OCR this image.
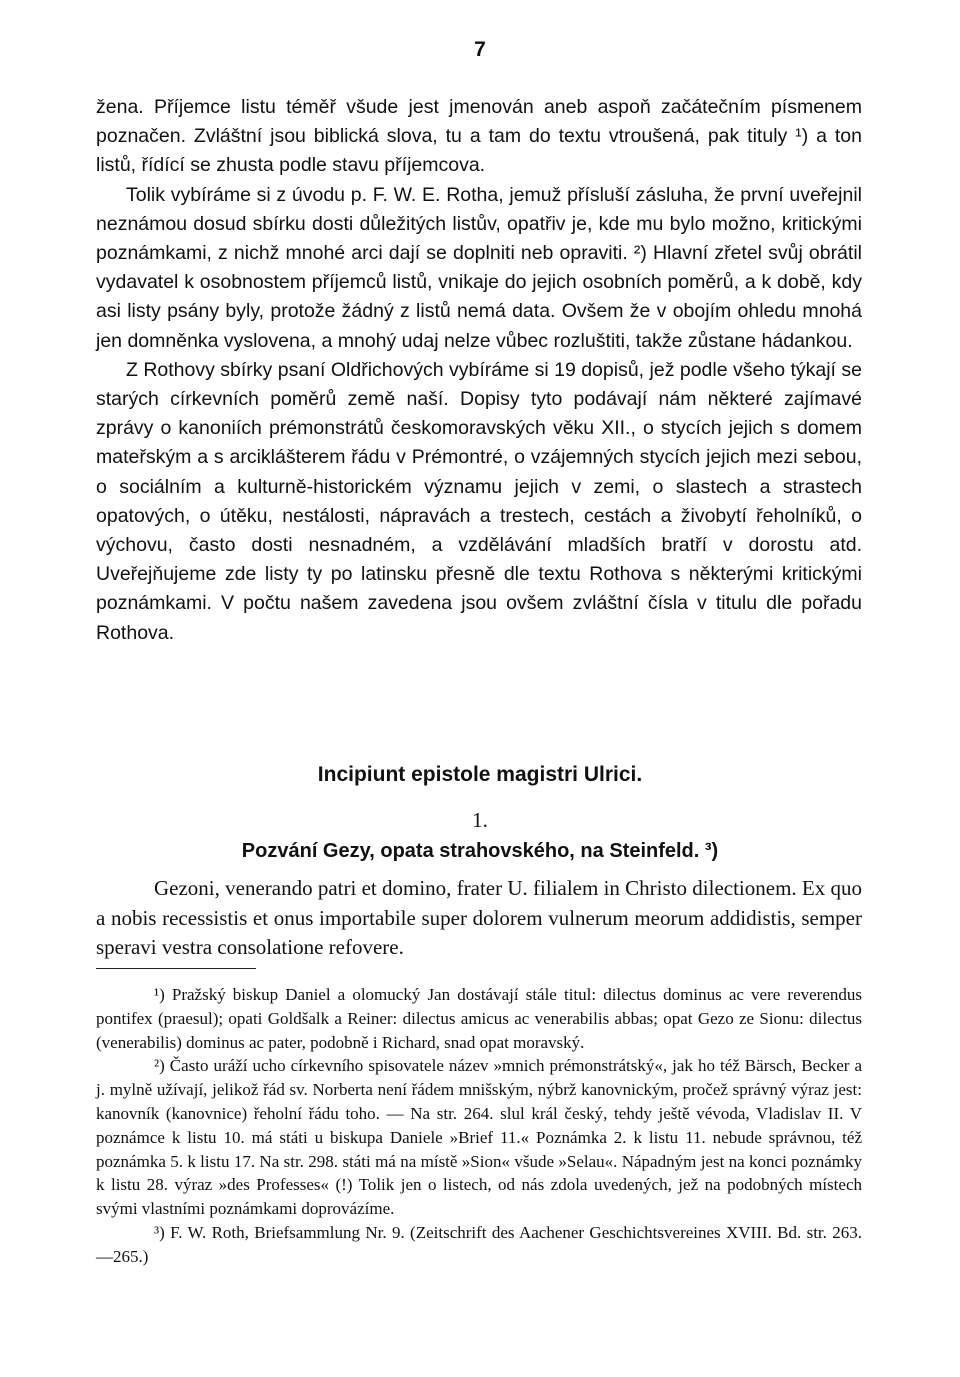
7

žena. Příjemce listu téměř všude jest jmenován aneb aspoň začátečním písmenem poznačen. Zvláštní jsou biblická slova, tu a tam do textu vtroušená, pak tituly ¹) a ton listů, řídící se zhusta podle stavu příjemcova.

Tolik vybíráme si z úvodu p. F. W. E. Rotha, jemuž přísluší zásluha, že první uveřejnil neznámou dosud sbírku dosti důležitých listův, opatřiv je, kde mu bylo možno, kritickými poznámkami, z nichž mnohé arci dají se doplniti neb opraviti. ²) Hlavní zřetel svůj obrátil vydavatel k osobnostem příjemců listů, vnikaje do jejich osobních poměrů, a k době, kdy asi listy psány byly, protože žádný z listů nemá data. Ovšem že v obojím ohledu mnohá jen domněnka vyslovena, a mnohý udaj nelze vůbec rozluštiti, takže zůstane hádankou.

Z Rothovy sbírky psaní Oldřichových vybíráme si 19 dopisů, jež podle všeho týkají se starých církevních poměrů země naší. Dopisy tyto podávají nám některé zajímavé zprávy o kanoniích prémonstrátů českomoravských věku XII., o stycích jejich s domem mateřským a s arciklášterem řádu v Prémontré, o vzájemných stycích jejich mezi sebou, o sociálním a kulturně-historickém významu jejich v zemi, o slastech a strastech opatových, o útěku, nestálosti, nápravách a trestech, cestách a živobytí řeholníků, o výchovu, často dosti nesnadném, a vzdělávání mladších bratří v dorostu atd. Uveřejňujeme zde listy ty po latinsku přesně dle textu Rothova s některými kritickými poznámkami. V počtu našem zavedena jsou ovšem zvláštní čísla v titulu dle pořadu Rothova.

Incipiunt epistole magistri Ulrici.
1.
Pozvání Gezy, opata strahovského, na Steinfeld. ³)

Gezoni, venerando patri et domino, frater U. filialem in Christo dilectionem. Ex quo a nobis recessistis et onus importabile super dolorem vulnerum meorum addidistis, semper speravi vestra consolatione refovere.

¹) Pražský biskup Daniel a olomucký Jan dostávají stále titul: dilectus dominus ac vere reverendus pontifex (praesul); opati Goldšalk a Reiner: dilectus amicus ac venerabilis abbas; opat Gezo ze Sionu: dilectus (venerabilis) dominus ac pater, podobně i Richard, snad opat moravský.

²) Často uráží ucho církevního spisovatele název »mnich prémonstrátský«, jak ho též Bärsch, Becker a j. mylně užívají, jelikož řád sv. Norberta není řádem mnišským, nýbrž kanovnickým, pročež správný výraz jest: kanovník (kanovnice) řeholní řádu toho. — Na str. 264. slul král český, tehdy ještě vévoda, Vladislav II. V poznámce k listu 10. má státi u biskupa Daniele »Brief 11.« Poznámka 2. k listu 11. nebude správnou, též poznámka 5. k listu 17. Na str. 298. státi má na místě »Sion« všude »Selau«. Nápadným jest na konci poznámky k listu 28. výraz »des Professes« (!) Tolik jen o listech, od nás zdola uvedených, jež na podobných místech svými vlastními poznámkami doprovázíme.

³) F. W. Roth, Briefsammlung Nr. 9. (Zeitschrift des Aachener Geschichtsvereines XVIII. Bd. str. 263.—265.)
